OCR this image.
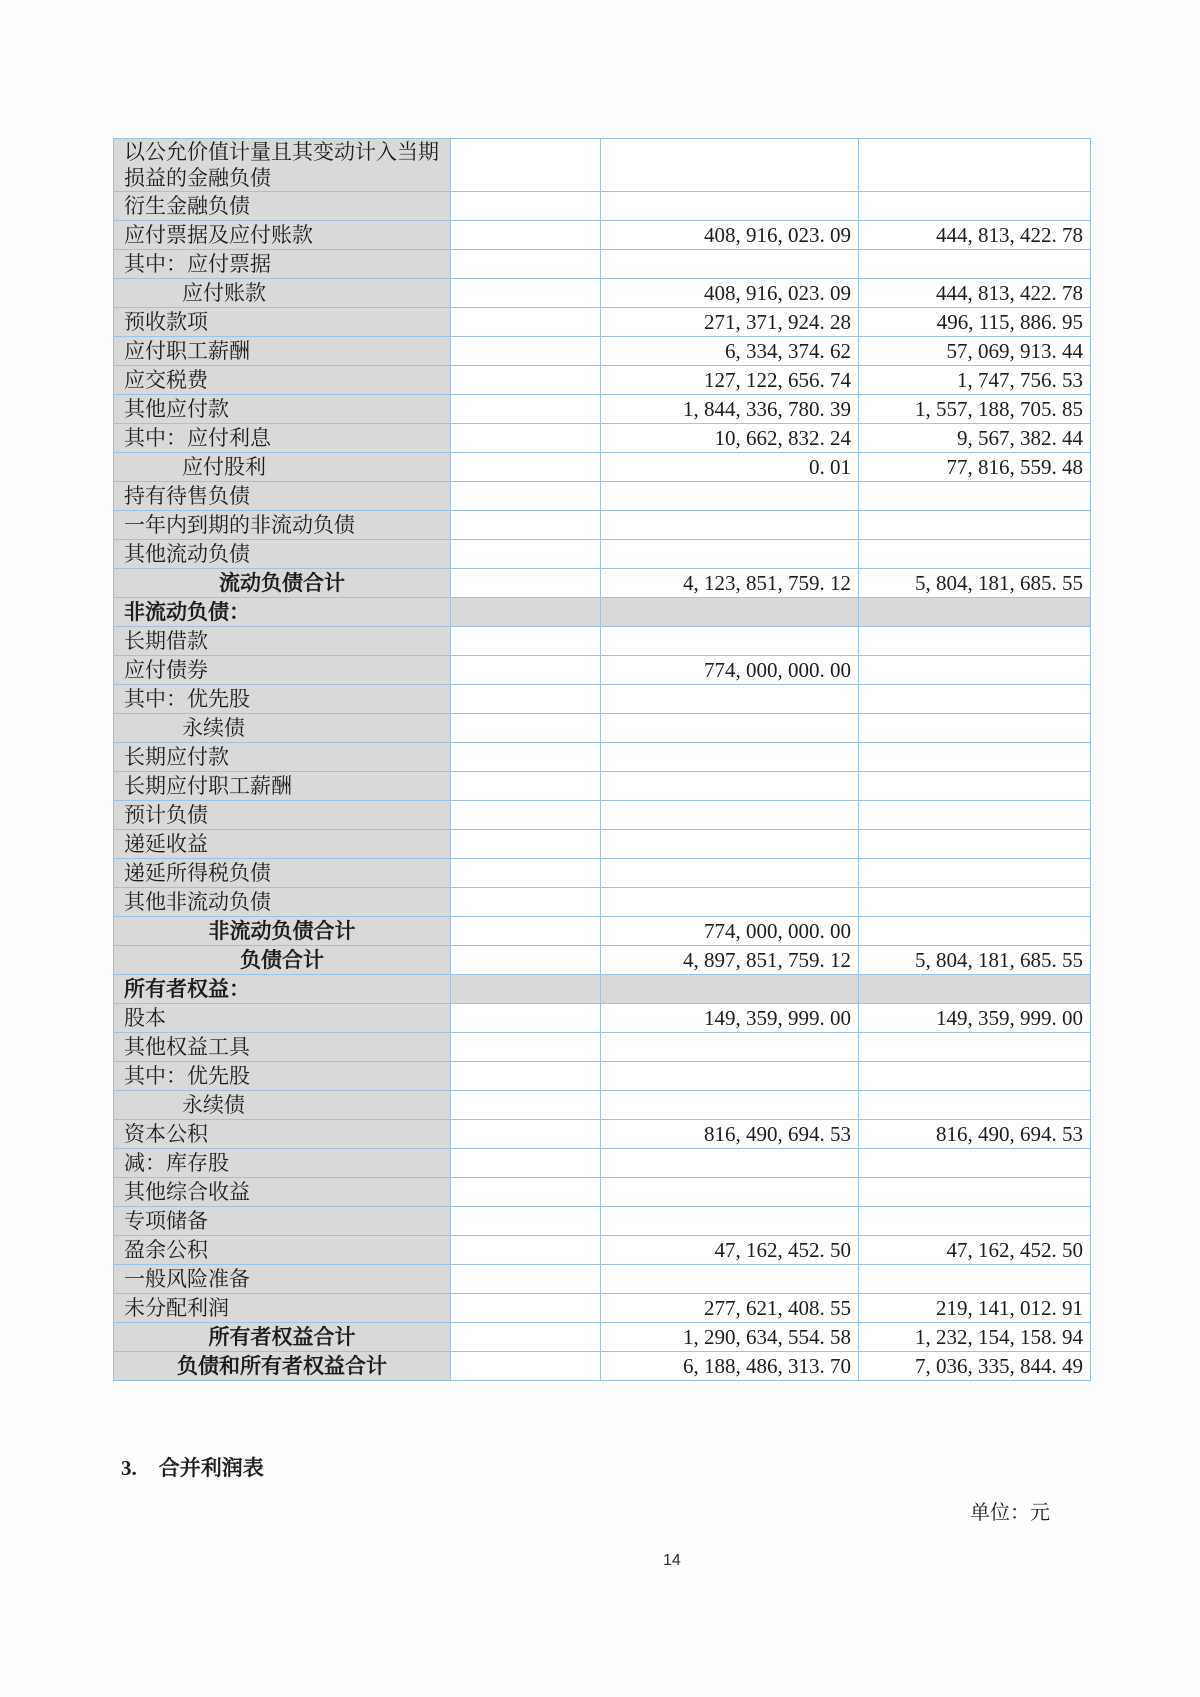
以公允价值计量且其变动计入当期损益的金融负债			
衍生金融负债			
应付票据及应付账款		408, 916, 023. 09	444, 813, 422. 78
其中：应付票据			
应付账款		408, 916, 023. 09	444, 813, 422. 78
预收款项		271, 371, 924. 28	496, 115, 886. 95
应付职工薪酬		6, 334, 374. 62	57, 069, 913. 44
应交税费		127, 122, 656. 74	1, 747, 756. 53
其他应付款		1, 844, 336, 780. 39	1, 557, 188, 705. 85
其中：应付利息		10, 662, 832. 24	9, 567, 382. 44
应付股利		0. 01	77, 816, 559. 48
持有待售负债			
一年内到期的非流动负债			
其他流动负债			
流动负债合计		4, 123, 851, 759. 12	5, 804, 181, 685. 55
非流动负债：			
长期借款			
应付债券		774, 000, 000. 00	
其中：优先股			
永续债			
长期应付款			
长期应付职工薪酬			
预计负债			
递延收益			
递延所得税负债			
其他非流动负债			
非流动负债合计		774, 000, 000. 00	
负债合计		4, 897, 851, 759. 12	5, 804, 181, 685. 55
所有者权益：			
股本		149, 359, 999. 00	149, 359, 999. 00
其他权益工具			
其中：优先股			
永续债			
资本公积		816, 490, 694. 53	816, 490, 694. 53
减：库存股			
其他综合收益			
专项储备			
盈余公积		47, 162, 452. 50	47, 162, 452. 50
一般风险准备			
未分配利润		277, 621, 408. 55	219, 141, 012. 91
所有者权益合计		1, 290, 634, 554. 58	1, 232, 154, 158. 94
负债和所有者权益合计		6, 188, 486, 313. 70	7, 036, 335, 844. 49
3. 合并利润表
单位：元
14
